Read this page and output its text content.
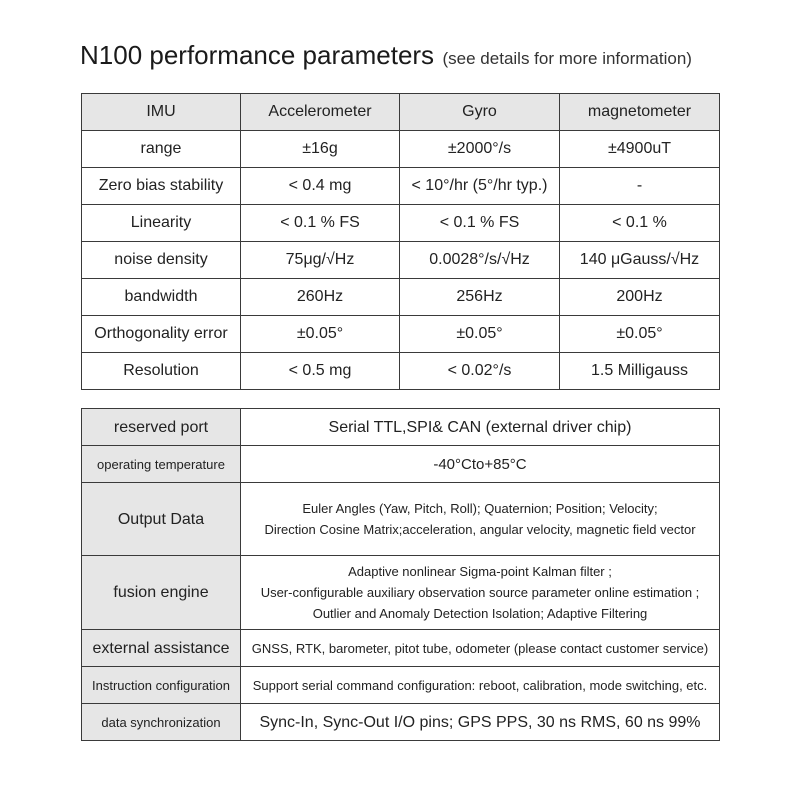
N100 performance parameters (see details for more information)
IMU	Accelerometer	Gyro	magnetometer
range	±16g	±2000°/s	±4900uT
Zero bias stability	< 0.4 mg	< 10°/hr (5°/hr typ.)	-
Linearity	< 0.1 % FS	< 0.1 % FS	< 0.1 %
noise density	75μg/√Hz	0.0028°/s/√Hz	140 μGauss/√Hz
bandwidth	260Hz	256Hz	200Hz
Orthogonality error	±0.05°	±0.05°	±0.05°
Resolution	< 0.5 mg	< 0.02°/s	1.5 Milligauss
reserved port	Serial TTL,SPI& CAN (external driver chip)
operating temperature	-40°Cto+85°C
Output Data	Euler Angles (Yaw, Pitch, Roll); Quaternion; Position; Velocity;
Direction Cosine Matrix;acceleration, angular velocity, magnetic field vector

fusion engine	Adaptive nonlinear Sigma-point Kalman filter ;
User-configurable auxiliary observation source parameter online estimation ;
Outlier and Anomaly Detection Isolation; Adaptive Filtering

external assistance	GNSS, RTK, barometer, pitot tube, odometer (please contact customer service)
Instruction configuration	Support serial command configuration: reboot, calibration, mode switching, etc.
data synchronization	Sync-In, Sync-Out I/O pins; GPS PPS, 30 ns RMS, 60 ns 99%
